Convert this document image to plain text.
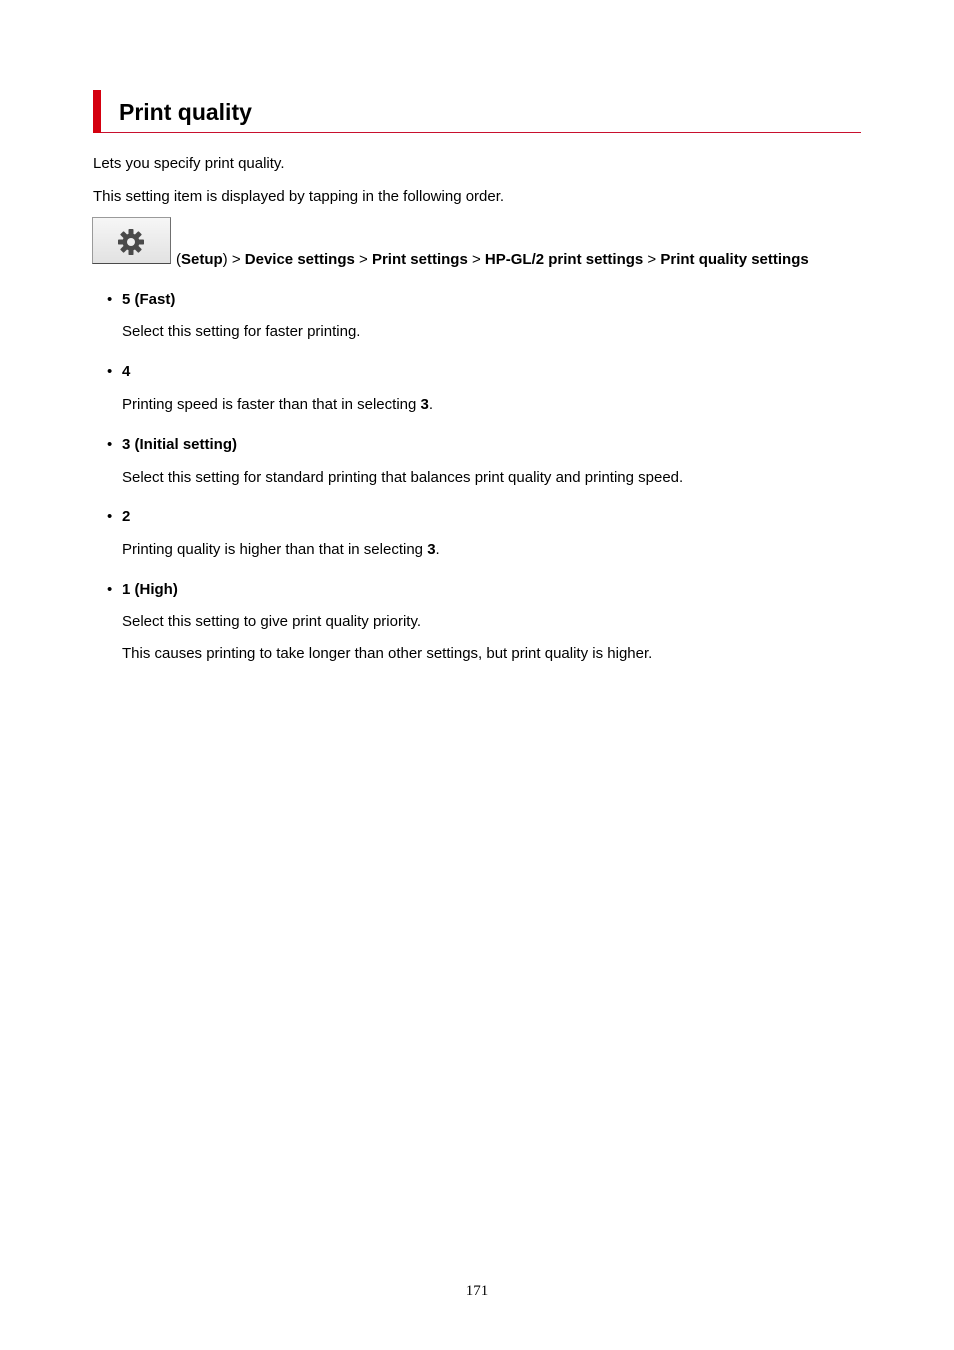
Print quality
Lets you specify print quality.
This setting item is displayed by tapping in the following order.
(Setup) > Device settings > Print settings > HP-GL/2 print settings > Print quality settings
• 5 (Fast)
Select this setting for faster printing.
• 4
Printing speed is faster than that in selecting 3.
• 3 (Initial setting)
Select this setting for standard printing that balances print quality and printing speed.
• 2
Printing quality is higher than that in selecting 3.
• 1 (High)
Select this setting to give print quality priority.
This causes printing to take longer than other settings, but print quality is higher.
171
